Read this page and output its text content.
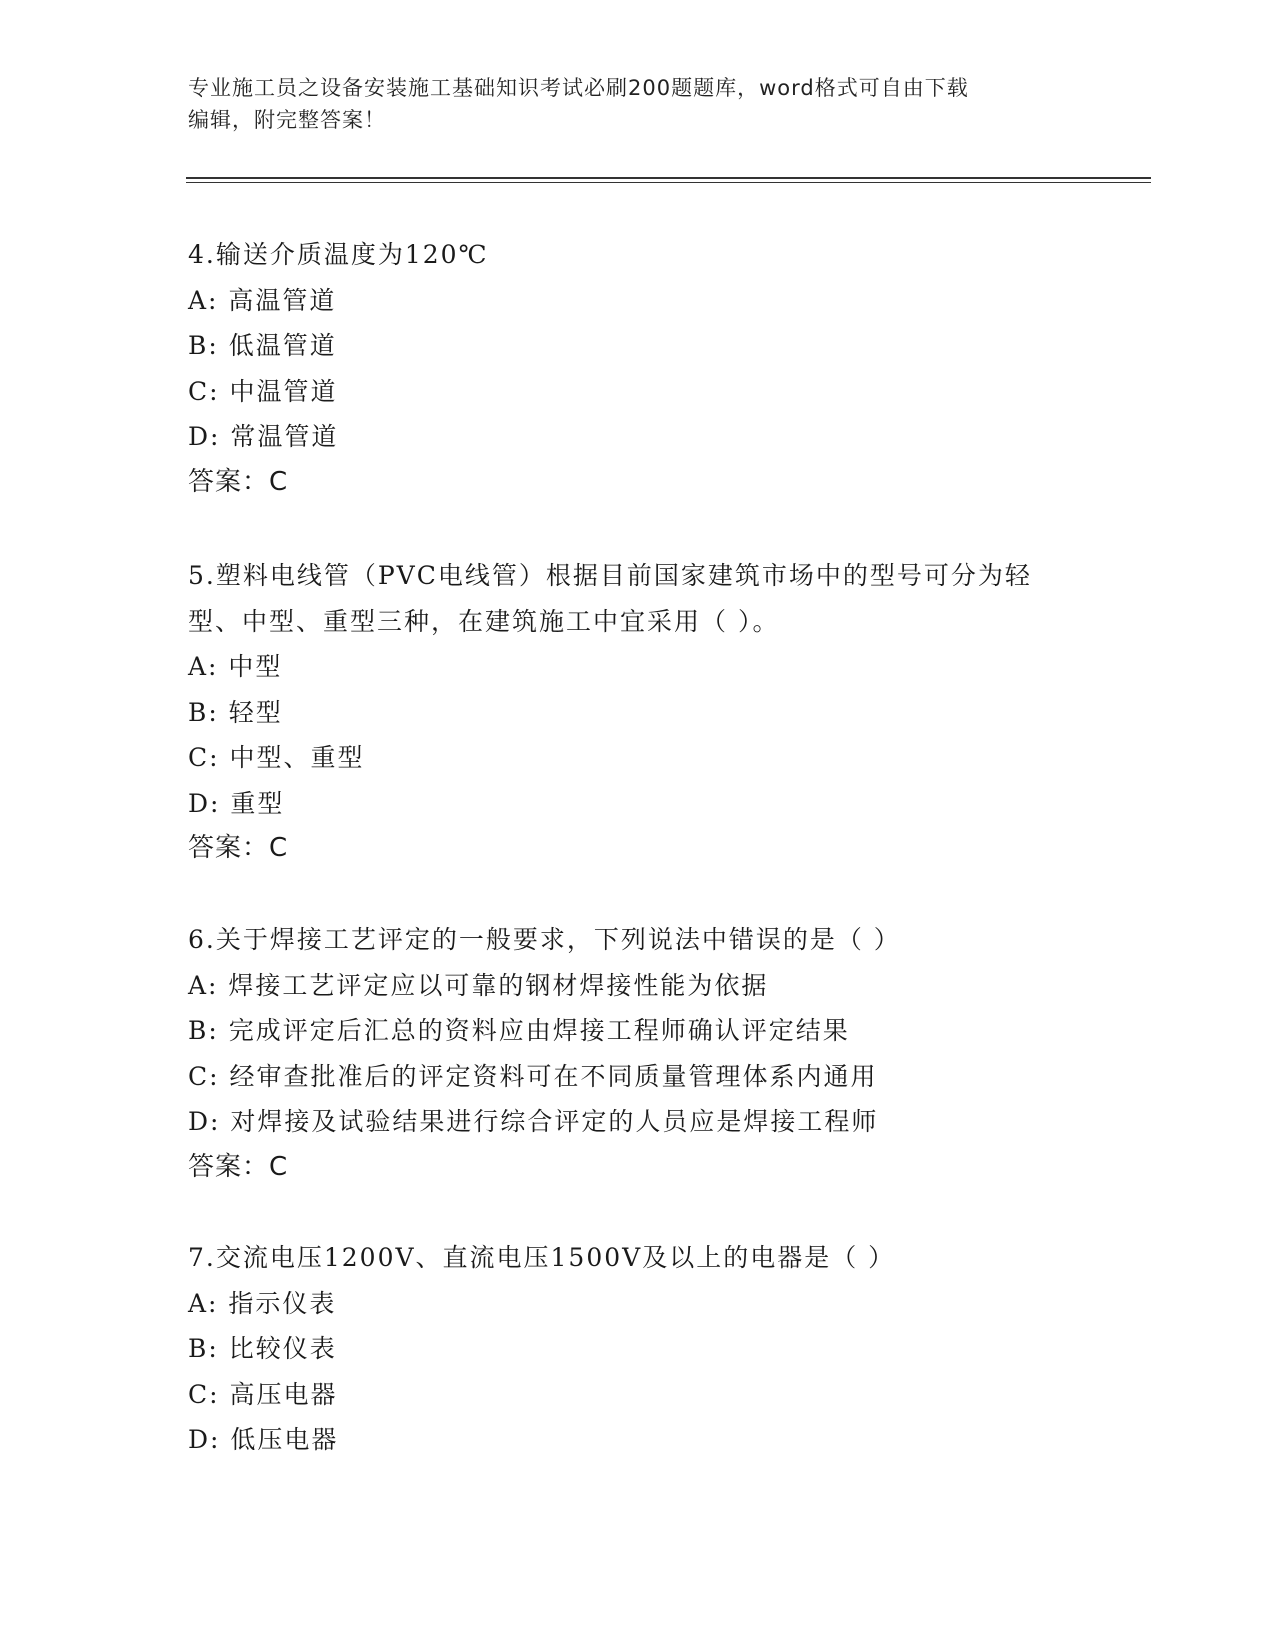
专业施工员之设备安装施工基础知识考试必刷200题题库，word格式可自由下载
编辑，附完整答案！
4.输送介质温度为120℃
A: 高温管道
B: 低温管道
C: 中温管道
D: 常温管道
答案：C
5.塑料电线管（PVC电线管）根据目前国家建筑市场中的型号可分为轻
型、中型、重型三种，在建筑施工中宜采用（ ）。
A: 中型
B: 轻型
C: 中型、重型
D: 重型
答案：C
6.关于焊接工艺评定的一般要求，下列说法中错误的是（ ）
A: 焊接工艺评定应以可靠的钢材焊接性能为依据
B: 完成评定后汇总的资料应由焊接工程师确认评定结果
C: 经审查批准后的评定资料可在不同质量管理体系内通用
D: 对焊接及试验结果进行综合评定的人员应是焊接工程师
答案：C
7.交流电压1200V、直流电压1500V及以上的电器是（ ）
A: 指示仪表
B: 比较仪表
C: 高压电器
D: 低压电器
